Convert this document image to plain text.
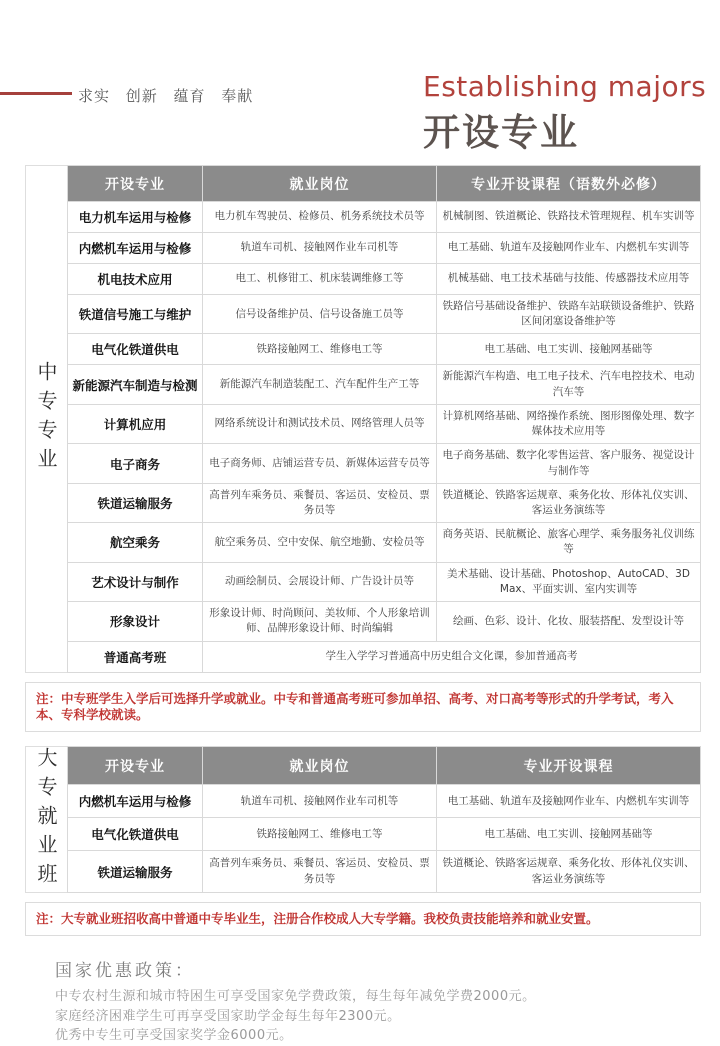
求实 创新 蕴育 奉献	Establishing majors
开设专业
中专专业
开设专业	就业岗位	专业开设课程（语数外必修）
电力机车运用与检修	电力机车驾驶员、检修员、机务系统技术员等	机械制图、铁道概论、铁路技术管理规程、机车实训等
内燃机车运用与检修	轨道车司机、接触网作业车司机等	电工基础、轨道车及接触网作业车、内燃机车实训等
机电技术应用	电工、机修钳工、机床装调维修工等	机械基础、电工技术基础与技能、传感器技术应用等
铁道信号施工与维护	信号设备维护员、信号设备施工员等	铁路信号基础设备维护、铁路车站联锁设备维护、铁路区间闭塞设备维护等
电气化铁道供电	铁路接触网工、维修电工等	电工基础、电工实训、接触网基础等
新能源汽车制造与检测	新能源汽车制造装配工、汽车配件生产工等	新能源汽车构造、电工电子技术、汽车电控技术、电动汽车等
计算机应用	网络系统设计和测试技术员、网络管理人员等	计算机网络基础、网络操作系统、图形图像处理、数字媒体技术应用等
电子商务	电子商务师、店铺运营专员、新媒体运营专员等	电子商务基础、数字化零售运营、客户服务、视觉设计与制作等
铁道运输服务	高普列车乘务员、乘餐员、客运员、安检员、票务员等	铁道概论、铁路客运规章、乘务化妆、形体礼仪实训、客运业务演练等
航空乘务	航空乘务员、空中安保、航空地勤、安检员等	商务英语、民航概论、旅客心理学、乘务服务礼仪训练等
艺术设计与制作	动画绘制员、会展设计师、广告设计员等	美术基础、设计基础、Photoshop、AutoCAD、3D Max、平面实训、室内实训等
形象设计	形象设计师、时尚顾问、美妆师、个人形象培训师、品牌形象设计师、时尚编辑	绘画、色彩、设计、化妆、服装搭配、发型设计等
普通高考班	学生入学学习普通高中历史组合文化课，参加普通高考	
注：中专班学生入学后可选择升学或就业。中专和普通高考班可参加单招、高考、对口高考等形式的升学考试，考入本、专科学校就读。
大专就业班	开设专业	就业岗位	专业开设课程
内燃机车运用与检修	轨道车司机、接触网作业车司机等	电工基础、轨道车及接触网作业车、内燃机车实训等
电气化铁道供电	铁路接触网工、维修电工等	电工基础、电工实训、接触网基础等
铁道运输服务	高普列车乘务员、乘餐员、客运员、安检员、票务员等	铁道概论、铁路客运规章、乘务化妆、形体礼仪实训、客运业务演练等
注：大专就业班招收高中普通中专毕业生，注册合作校成人大专学籍。我校负责技能培养和就业安置。
国家优惠政策：
中专农村生源和城市特困生可享受国家免学费政策，每生每年减免学费2000元。
家庭经济困难学生可再享受国家助学金每生每年2300元。
优秀中专生可享受国家奖学金6000元。
